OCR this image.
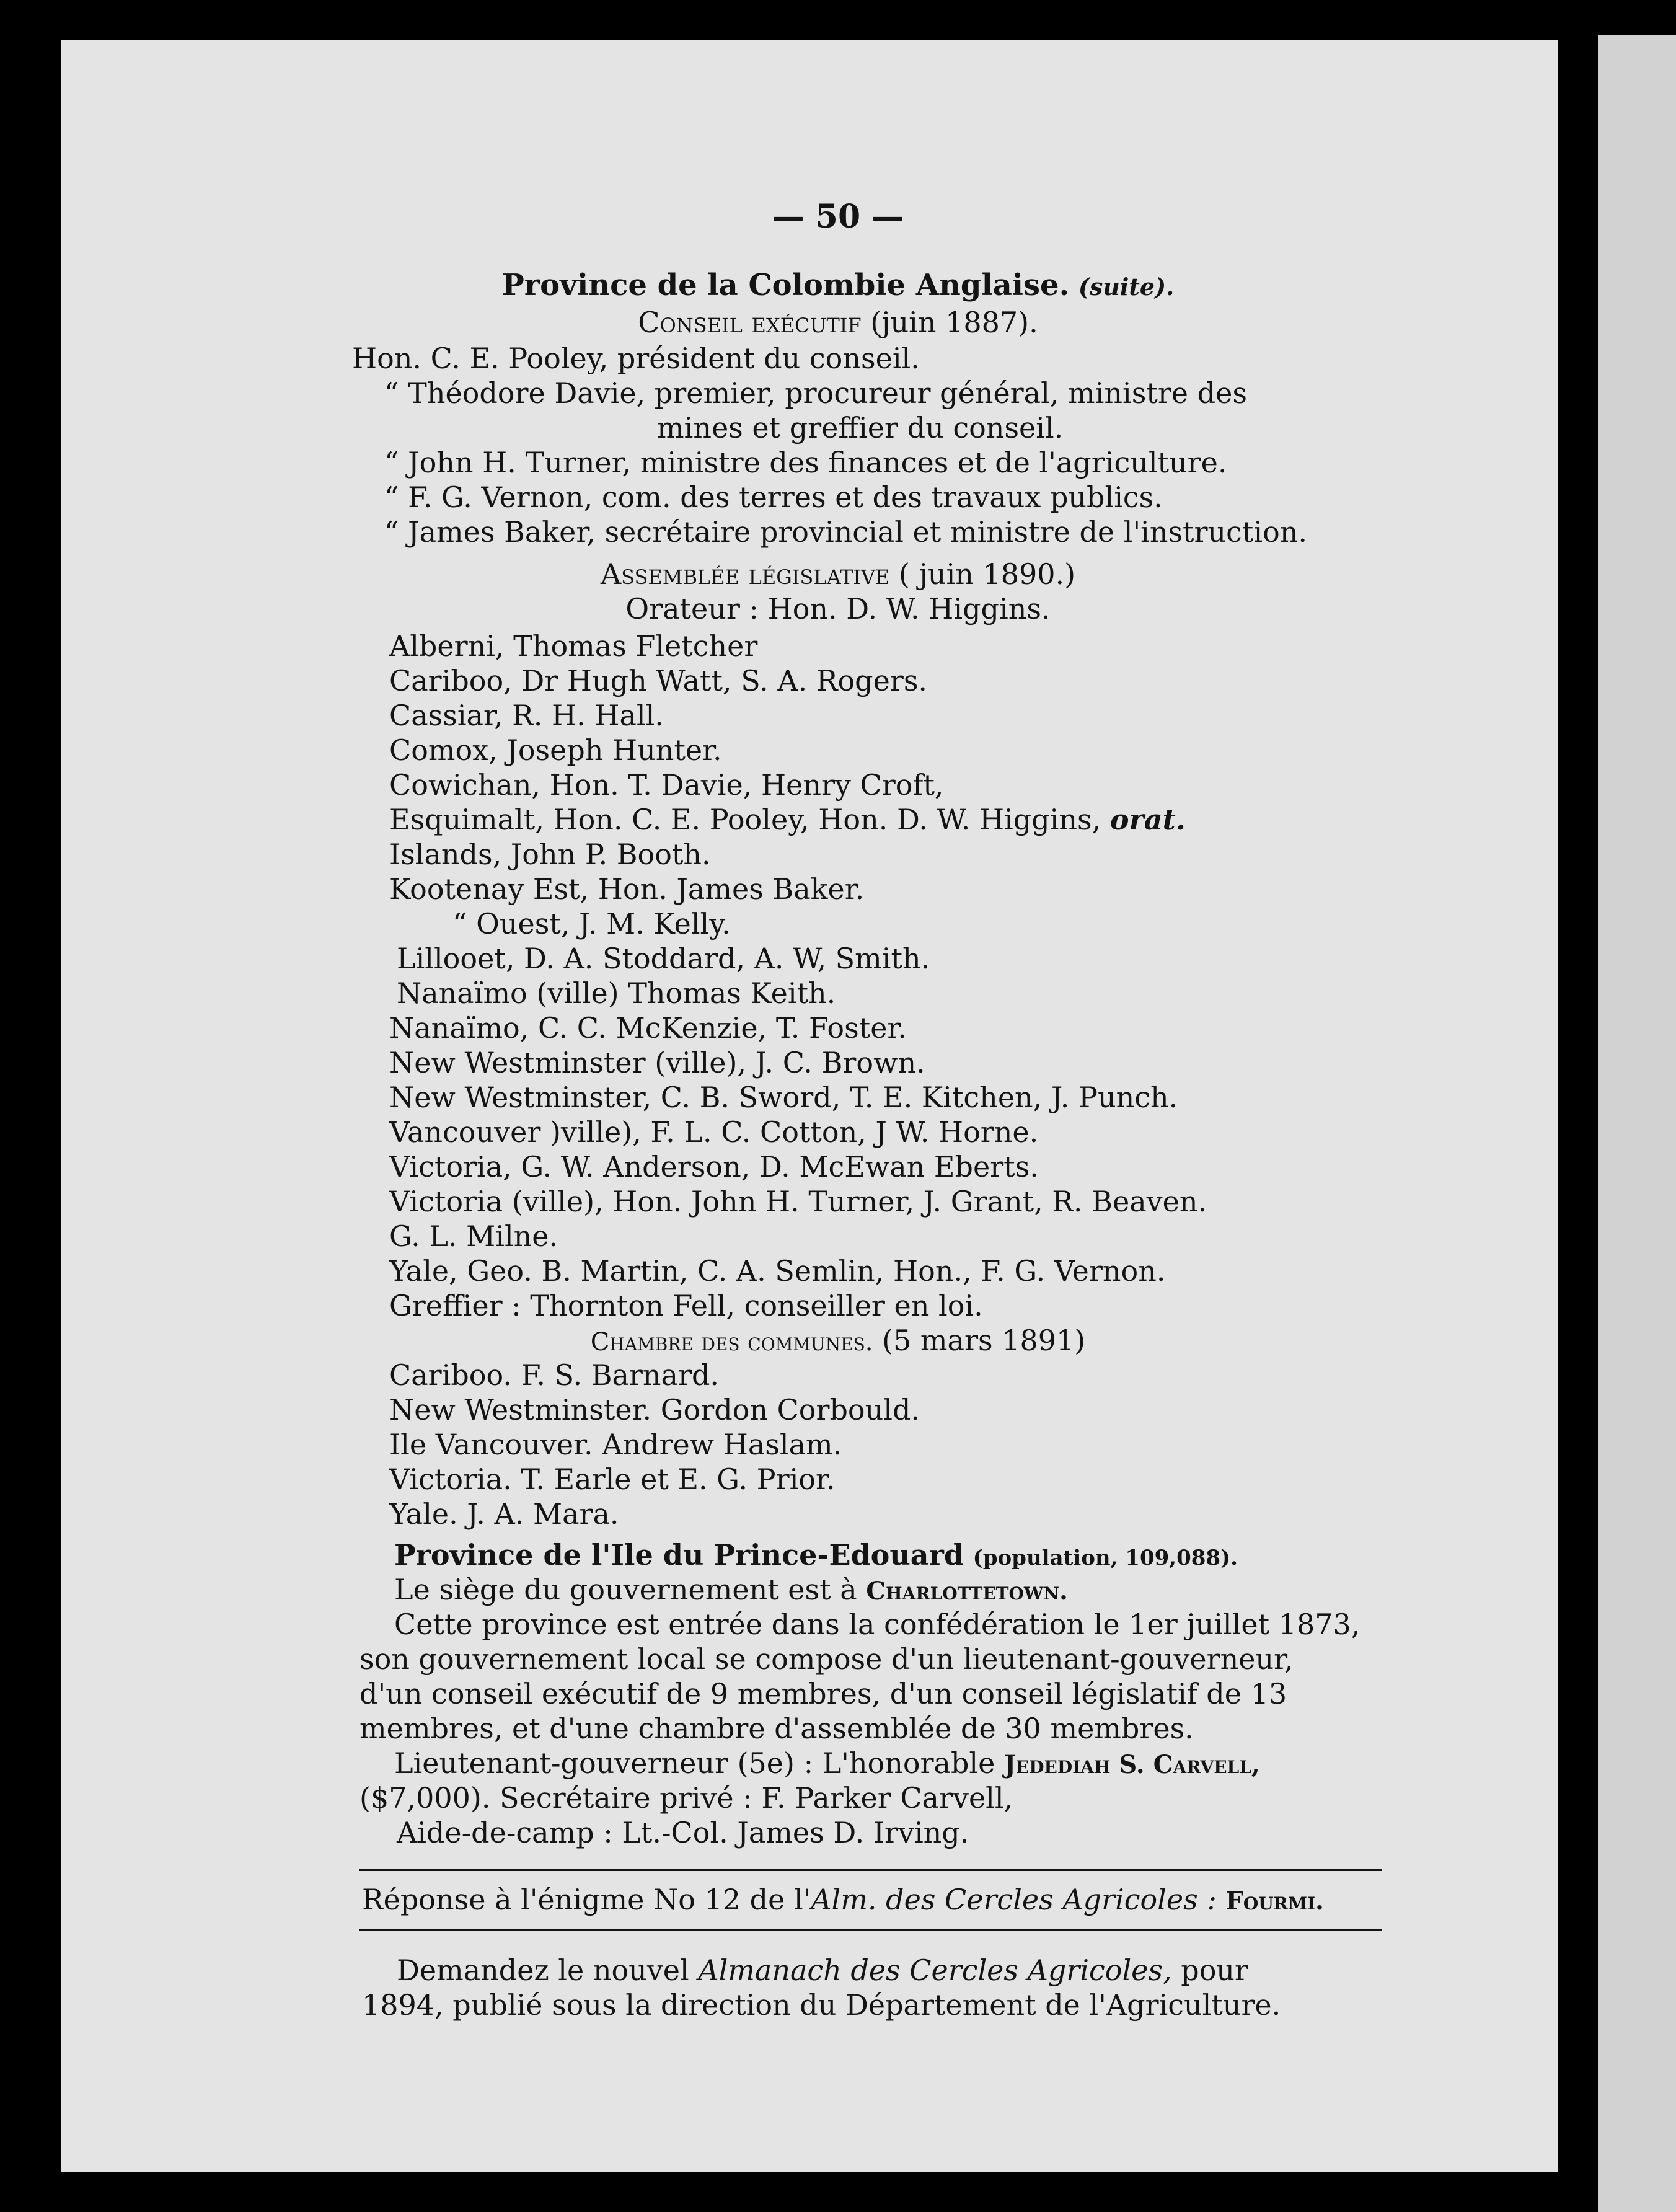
— 50 —
Province de la Colombie Anglaise. (suite).
Conseil exécutif (juin 1887).
Hon. C. E. Pooley, président du conseil.
“ Théodore Davie, premier, procureur général, ministre des
mines et greffier du conseil.
“ John H. Turner, ministre des finances et de l'agriculture.
“ F. G. Vernon, com. des terres et des travaux publics.
“ James Baker, secrétaire provincial et ministre de l'instruction.
Assemblée législative ( juin 1890.)
Orateur : Hon. D. W. Higgins.
Alberni, Thomas Fletcher
Cariboo, Dr Hugh Watt, S. A. Rogers.
Cassiar, R. H. Hall.
Comox, Joseph Hunter.
Cowichan, Hon. T. Davie, Henry Croft,
Esquimalt, Hon. C. E. Pooley, Hon. D. W. Higgins, orat.
Islands, John P. Booth.
Kootenay Est, Hon. James Baker.
“ Ouest, J. M. Kelly.
Lillooet, D. A. Stoddard, A. W, Smith.
Nanaïmo (ville) Thomas Keith.
Nanaïmo, C. C. McKenzie, T. Foster.
New Westminster (ville), J. C. Brown.
New Westminster, C. B. Sword, T. E. Kitchen, J. Punch.
Vancouver )ville), F. L. C. Cotton, J W. Horne.
Victoria, G. W. Anderson, D. McEwan Eberts.
Victoria (ville), Hon. John H. Turner, J. Grant, R. Beaven.
G. L. Milne.
Yale, Geo. B. Martin, C. A. Semlin, Hon., F. G. Vernon.
Greffier : Thornton Fell, conseiller en loi.
Chambre des communes. (5 mars 1891)
Cariboo. F. S. Barnard.
New Westminster. Gordon Corbould.
Ile Vancouver. Andrew Haslam.
Victoria. T. Earle et E. G. Prior.
Yale. J. A. Mara.
Province de l'Ile du Prince-Edouard (population, 109,088).
Le siège du gouvernement est à Charlottetown.
Cette province est entrée dans la confédération le 1er juillet 1873,
son gouvernement local se compose d'un lieutenant-gouverneur,
d'un conseil exécutif de 9 membres, d'un conseil législatif de 13
membres, et d'une chambre d'assemblée de 30 membres.
Lieutenant-gouverneur (5e) : L'honorable Jedediah S. Carvell,
($7,000). Secrétaire privé : F. Parker Carvell,
Aide-de-camp : Lt.-Col. James D. Irving.
Réponse à l'énigme No 12 de l'Alm. des Cercles Agricoles : Fourmi.
Demandez le nouvel Almanach des Cercles Agricoles, pour
1894, publié sous la direction du Département de l'Agriculture.
